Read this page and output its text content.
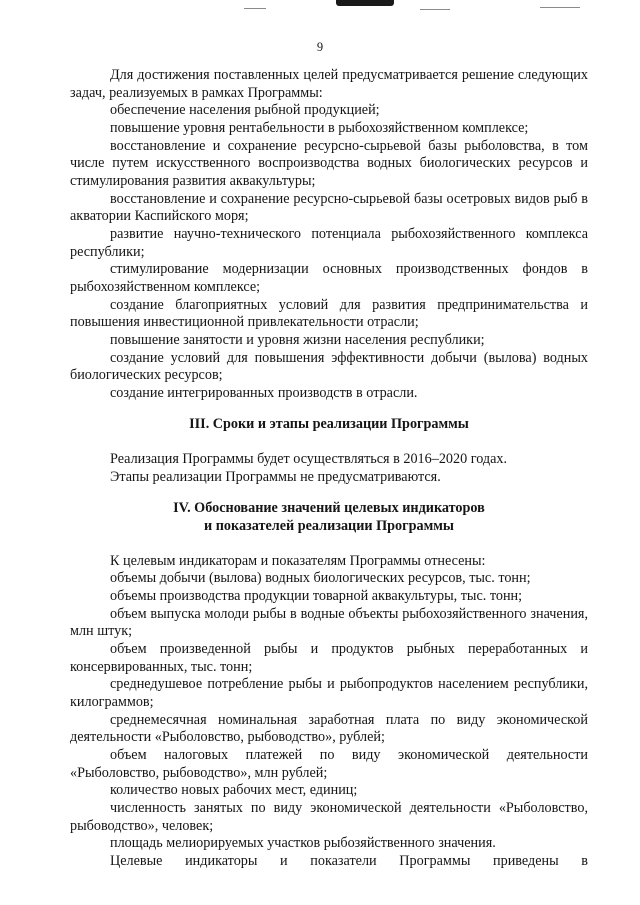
9

Для достижения поставленных целей предусматривается решение следующих задач, реализуемых в рамках Программы:

обеспечение населения рыбной продукцией;

повышение уровня рентабельности в рыбохозяйственном комплексе;

восстановление и сохранение ресурсно-сырьевой базы рыболовства, в том числе путем искусственного воспроизводства водных биологических ресурсов и стимулирования развития аквакультуры;

восстановление и сохранение ресурсно-сырьевой базы осетровых видов рыб в акватории Каспийского моря;

развитие научно-технического потенциала рыбохозяйственного комплекса республики;

стимулирование модернизации основных производственных фондов в рыбохозяйственном комплексе;

создание благоприятных условий для развития предпринимательства и повышения инвестиционной привлекательности отрасли;

повышение занятости и уровня жизни населения республики;

создание условий для повышения эффективности добычи (вылова) водных биологических ресурсов;

создание интегрированных производств в отрасли.

III. Сроки и этапы реализации Программы

Реализация Программы будет осуществляться в 2016–2020 годах.

Этапы реализации Программы не предусматриваются.

IV. Обоснование значений целевых индикаторов
и показателей реализации Программы

К целевым индикаторам и показателям Программы отнесены:

объемы добычи (вылова) водных биологических ресурсов, тыс. тонн;

объемы производства продукции товарной аквакультуры, тыс. тонн;

объем выпуска молоди рыбы в водные объекты рыбохозяйственного значения, млн штук;

объем произведенной рыбы и продуктов рыбных переработанных и консервированных, тыс. тонн;

среднедушевое потребление рыбы и рыбопродуктов населением республики, килограммов;

среднемесячная номинальная заработная плата по виду экономической деятельности «Рыболовство, рыбоводство», рублей;

объем налоговых платежей по виду экономической деятельности «Рыболовство, рыбоводство», млн рублей;

количество новых рабочих мест, единиц;

численность занятых по виду экономической деятельности «Рыболовство, рыбоводство», человек;

площадь мелиорируемых участков рыбозяйственного значения.

Целевые индикаторы и показатели Программы приведены в
